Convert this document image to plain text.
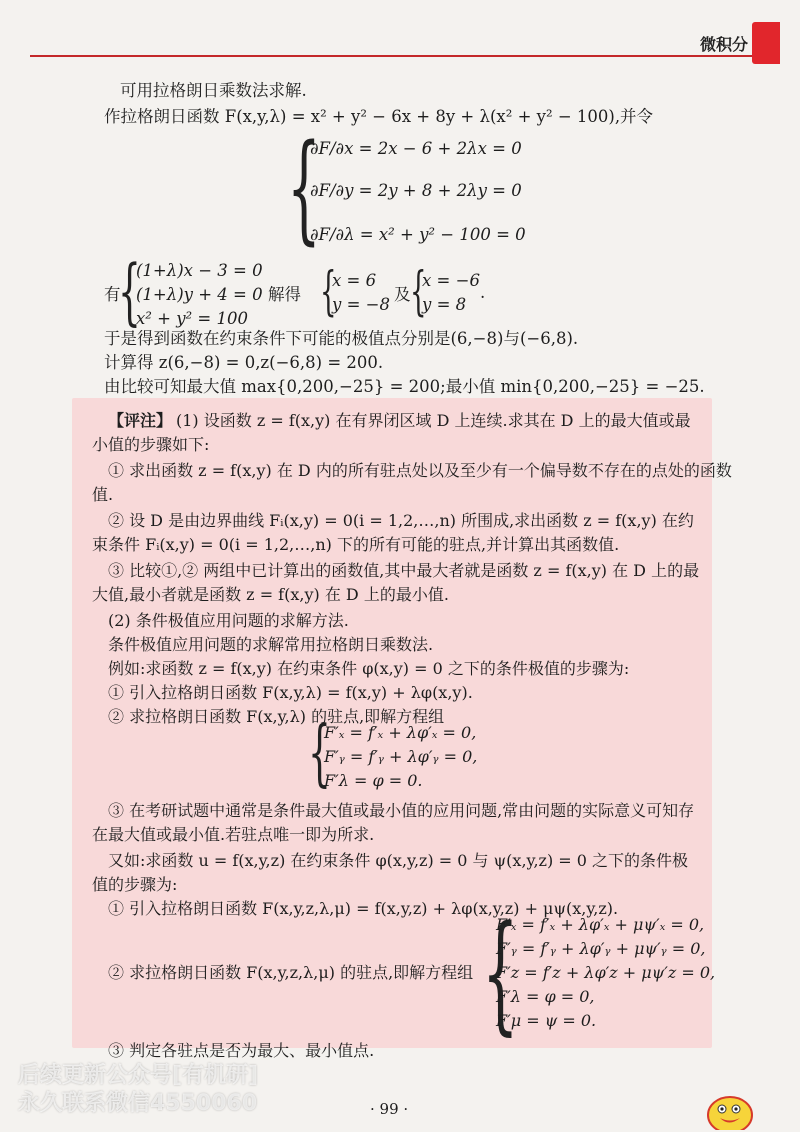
微积分
可用拉格朗日乘数法求解.
作拉格朗日函数 F(x,y,λ) = x² + y² − 6x + 8y + λ(x² + y² − 100),并令
{
∂F/∂x = 2x − 6 + 2λx = 0
∂F/∂y = 2y + 8 + 2λy = 0
∂F/∂λ = x² + y² − 100 = 0
有
{
(1+λ)x − 3 = 0
(1+λ)y + 4 = 0
x² + y² = 100
解得 {
x = 6
y = −8
及 {
x = −6
y = 8
.
于是得到函数在约束条件下可能的极值点分别是(6,−8)与(−6,8).
计算得 z(6,−8) = 0,z(−6,8) = 200.
由比较可知最大值 max{0,200,−25} = 200;最小值 min{0,200,−25} = −25.
【评注】 (1) 设函数 z = f(x,y) 在有界闭区域 D 上连续.求其在 D 上的最大值或最
小值的步骤如下:
① 求出函数 z = f(x,y) 在 D 内的所有驻点处以及至少有一个偏导数不存在的点处的函数
值.
② 设 D 是由边界曲线 Fᵢ(x,y) = 0(i = 1,2,…,n) 所围成,求出函数 z = f(x,y) 在约
束条件 Fᵢ(x,y) = 0(i = 1,2,…,n) 下的所有可能的驻点,并计算出其函数值.
③ 比较①,② 两组中已计算出的函数值,其中最大者就是函数 z = f(x,y) 在 D 上的最
大值,最小者就是函数 z = f(x,y) 在 D 上的最小值.
(2) 条件极值应用问题的求解方法.
条件极值应用问题的求解常用拉格朗日乘数法.
例如:求函数 z = f(x,y) 在约束条件 φ(x,y) = 0 之下的条件极值的步骤为:
① 引入拉格朗日函数 F(x,y,λ) = f(x,y) + λφ(x,y).
② 求拉格朗日函数 F(x,y,λ) 的驻点,即解方程组
{
F′ₓ = f′ₓ + λφ′ₓ = 0,
F′ᵧ = f′ᵧ + λφ′ᵧ = 0,
F′λ = φ = 0.
③ 在考研试题中通常是条件最大值或最小值的应用问题,常由问题的实际意义可知存
在最大值或最小值.若驻点唯一即为所求.
又如:求函数 u = f(x,y,z) 在约束条件 φ(x,y,z) = 0 与 ψ(x,y,z) = 0 之下的条件极
值的步骤为:
① 引入拉格朗日函数 F(x,y,z,λ,μ) = f(x,y,z) + λφ(x,y,z) + μψ(x,y,z).
② 求拉格朗日函数 F(x,y,z,λ,μ) 的驻点,即解方程组 {
F′ₓ = f′ₓ + λφ′ₓ + μψ′ₓ = 0,
F′ᵧ = f′ᵧ + λφ′ᵧ + μψ′ᵧ = 0,
F′z = f′z + λφ′z + μψ′z = 0,
F′λ = φ = 0,
F′μ = ψ = 0.
③ 判定各驻点是否为最大、最小值点.
· 99 ·
后续更新公众号[有机研]
永久联系微信4550060
